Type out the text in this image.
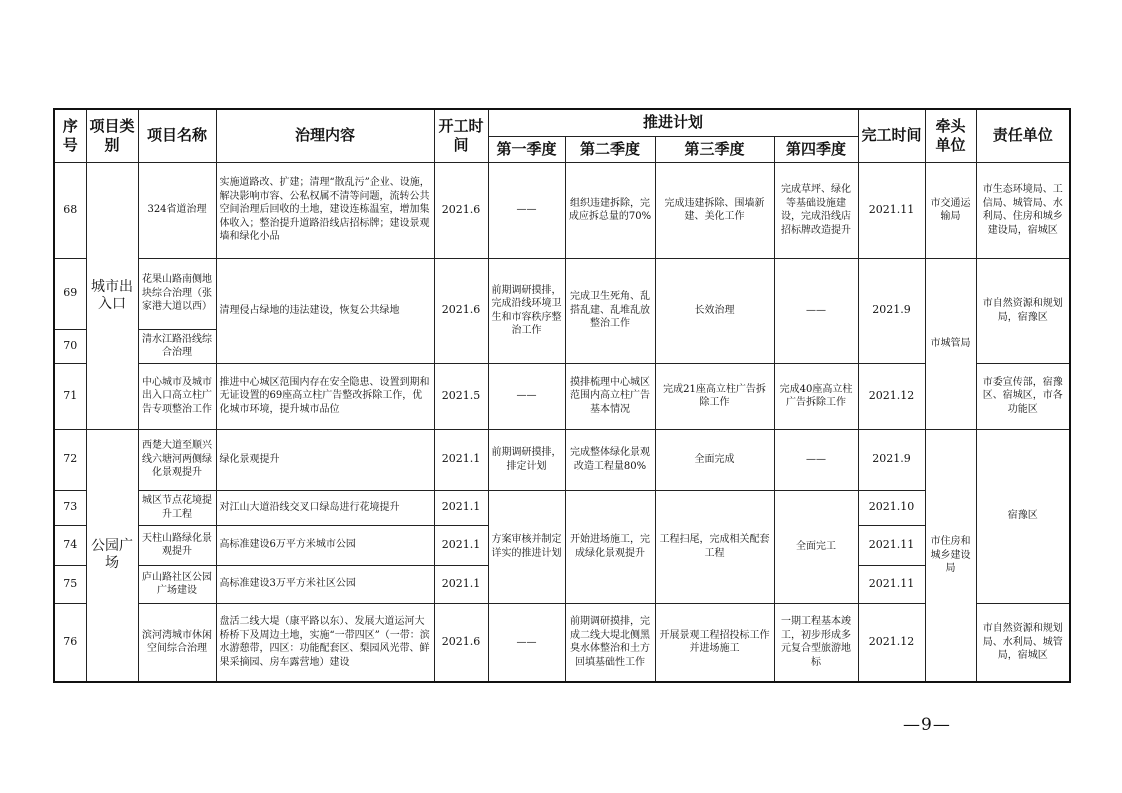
序号	项目类别	项目名称	治理内容	开工时间	推进计划				完工时间	牵头单位	责任单位
					第一季度	第二季度	第三季度	第四季度			
68	城市出入口	324省道治理	实施道路改、扩建；清理“散乱污”企业、设施，解决影响市容、公私权属不清等问题，流转公共空间治理后回收的土地，建设连栋温室，增加集体收入；整治提升道路沿线店招标牌；建设景观墙和绿化小品	2021.6	——	组织违建拆除，完成应拆总量的70%	完成违建拆除、围墙新建、美化工作	完成草坪、绿化等基础设施建设，完成沿线店招标牌改造提升	2021.11	市交通运输局	市生态环境局、工信局、城管局、水利局、住房和城乡建设局，宿城区
69		花果山路南侧地块综合治理（张家港大道以西）	清理侵占绿地的违法建设，恢复公共绿地	2021.6	前期调研摸排，完成沿线环境卫生和市容秩序整治工作	完成卫生死角、乱搭乱建、乱堆乱放整治工作	长效治理	——	2021.9	市城管局	市自然资源和规划局，宿豫区
70		清水江路沿线综合治理									
71		中心城市及城市出入口高立柱广告专项整治工作	推进中心城区范围内存在安全隐患、设置到期和无证设置的69座高立柱广告整改拆除工作，优化城市环境，提升城市品位	2021.5	——	摸排梳理中心城区范围内高立柱广告基本情况	完成21座高立柱广告拆除工作	完成40座高立柱广告拆除工作	2021.12		市委宣传部，宿豫区、宿城区，市各功能区
72	公园广场	西楚大道至顺兴线六塘河两侧绿化景观提升	绿化景观提升	2021.1	前期调研摸排，排定计划	完成整体绿化景观改造工程量80%	全面完成	——	2021.9	市住房和城乡建设局	宿豫区
73		城区节点花境提升工程	对江山大道沿线交叉口绿岛进行花境提升	2021.1	方案审核并制定详实的推进计划	开始进场施工，完成绿化景观提升	工程扫尾，完成相关配套工程	全面完工	2021.10		
74		天柱山路绿化景观提升	高标准建设6万平方米城市公园	2021.1					2021.11		
75		庐山路社区公园广场建设	高标准建设3万平方米社区公园	2021.1					2021.11		
76		滨河湾城市休闲空间综合治理	盘活二线大堤（康平路以东）、发展大道运河大桥桥下及周边土地，实施“一带四区”（一带：滨水游憩带，四区：功能配套区、梨园风光带、鲜果采摘园、房车露营地）建设	2021.6	——	前期调研摸排，完成二线大堤北侧黑臭水体整治和土方回填基础性工作	开展景观工程招投标工作并进场施工	一期工程基本竣工，初步形成多元复合型旅游地标	2021.12		市自然资源和规划局、水利局、城管局，宿城区
—9—
